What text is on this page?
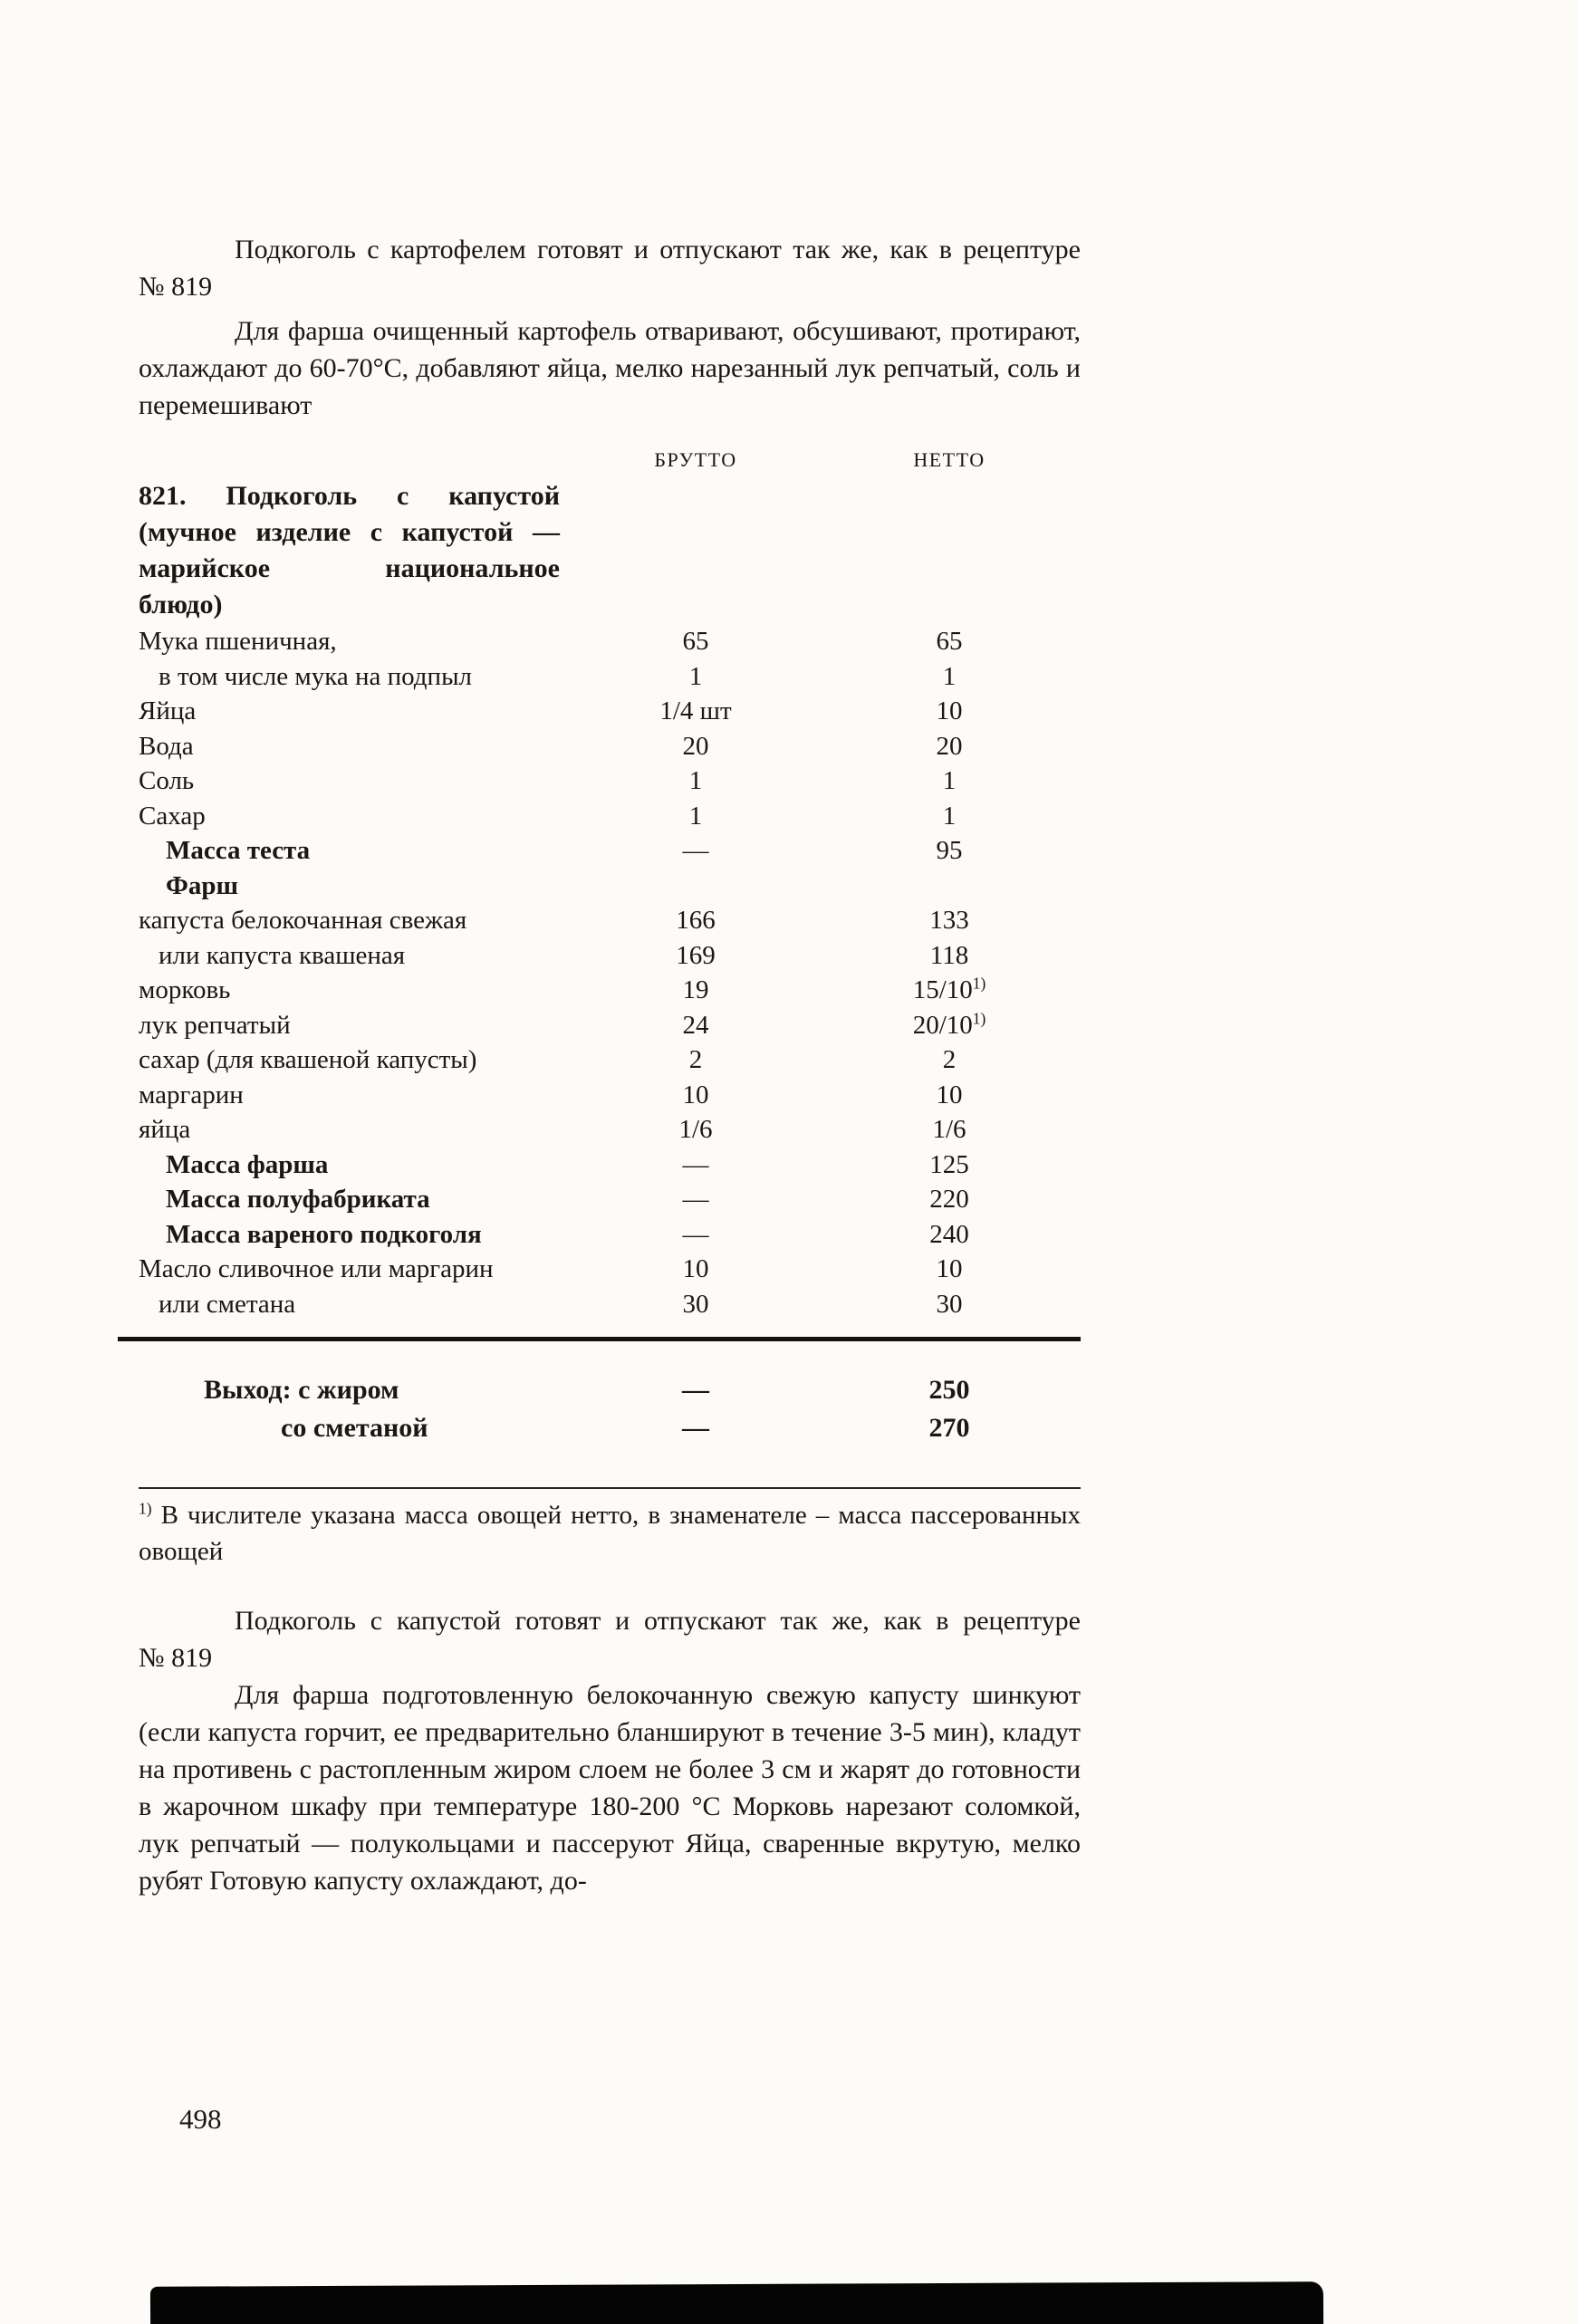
Подкоголь с картофелем готовят и отпускают так же, как в рецептуре
№ 819
Для фарша очищенный картофель отваривают, обсушивают, протирают, охлаждают до 60-70°С, добавляют яйца, мелко нарезанный лук репчатый, соль и перемешивают
БРУТТО	НЕТТО
821. Подкоголь с капустой
(мучное изделие с капустой —
марийское национальное
блюдо)
Мука пшеничная,	65	65
в том числе мука на подпыл	1	1
Яйца	1/4 шт	10
Вода	20	20
Соль	1	1
Сахар	1	1
Масса теста	—	95
Фарш
капуста белокочанная свежая	166	133
или капуста квашеная	169	118
морковь	19	15/10$^{1)}$
лук репчатый	24	20/10$^{1)}$
сахар (для квашеной капусты)	2	2
маргарин	10	10
яйца	1/6	1/6
Масса фарша	—	125
Масса полуфабриката	—	220
Масса вареного подкоголя	—	240
Масло сливочное или маргарин	10	10
или сметана	30	30
Выход: с жиром	—	250
со сметаной	—	270
$^{1)}$ В числителе указана масса овощей нетто, в знаменателе – масса пассерованных овощей
Подкоголь с капустой готовят и отпускают так же, как в рецептуре
№ 819
Для фарша подготовленную белокочанную свежую капусту шинкуют (если капуста горчит, ее предварительно бланшируют в течение 3-5 мин), кладут на противень с растопленным жиром слоем не более 3 см и жарят до готовности в жарочном шкафу при температуре 180-200 °С Морковь нарезают соломкой, лук репчатый — полукольцами и пассеруют Яйца, сваренные вкрутую, мелко рубят Готовую капусту охлаждают, до-
498
